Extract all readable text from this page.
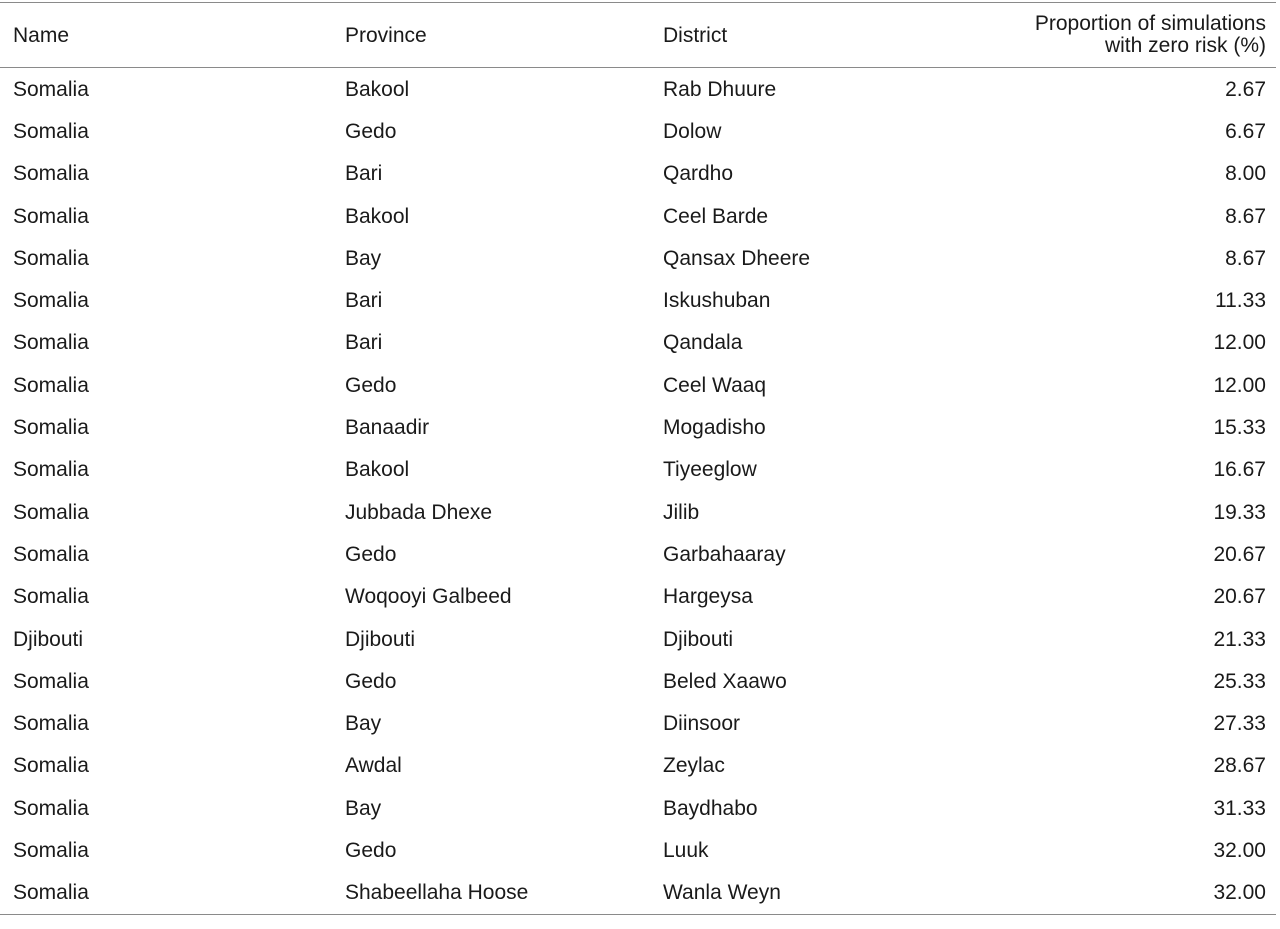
Name	Province	District	Proportion of simulations
with zero risk (%)

Somalia	Bakool	Rab Dhuure	2.67
Somalia	Gedo	Dolow	6.67
Somalia	Bari	Qardho	8.00
Somalia	Bakool	Ceel Barde	8.67
Somalia	Bay	Qansax Dheere	8.67
Somalia	Bari	Iskushuban	11.33
Somalia	Bari	Qandala	12.00
Somalia	Gedo	Ceel Waaq	12.00
Somalia	Banaadir	Mogadisho	15.33
Somalia	Bakool	Tiyeeglow	16.67
Somalia	Jubbada Dhexe	Jilib	19.33
Somalia	Gedo	Garbahaaray	20.67
Somalia	Woqooyi Galbeed	Hargeysa	20.67
Djibouti	Djibouti	Djibouti	21.33
Somalia	Gedo	Beled Xaawo	25.33
Somalia	Bay	Diinsoor	27.33
Somalia	Awdal	Zeylac	28.67
Somalia	Bay	Baydhabo	31.33
Somalia	Gedo	Luuk	32.00
Somalia	Shabeellaha Hoose	Wanla Weyn	32.00
